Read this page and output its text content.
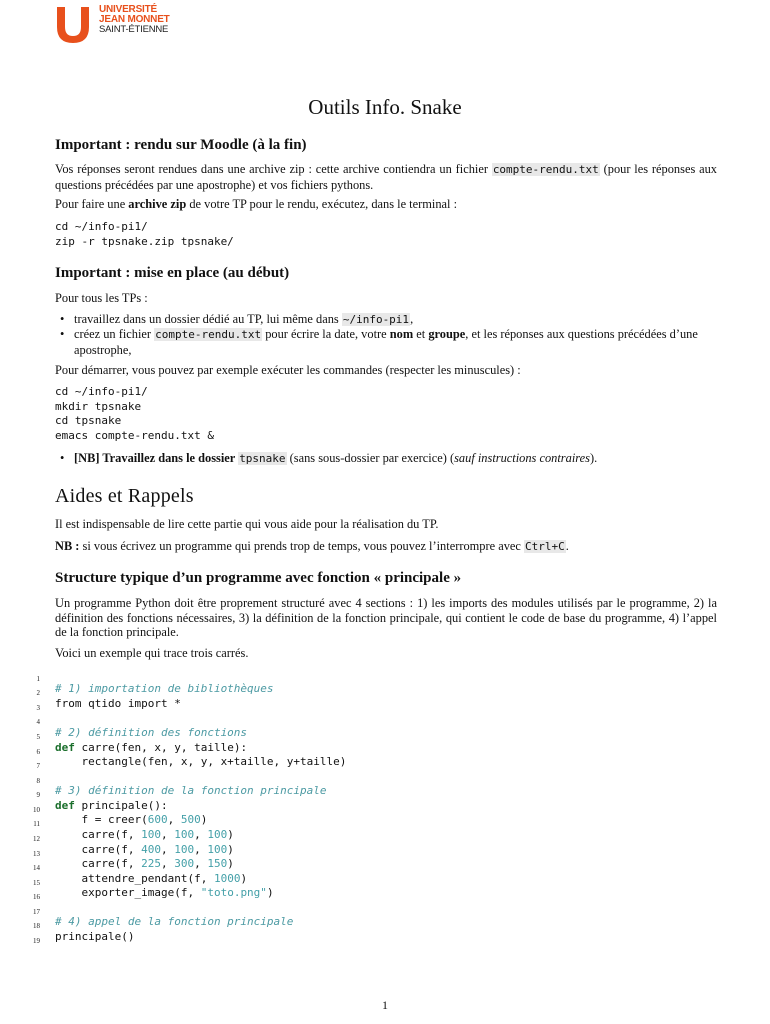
UNIVERSITÉ
JEAN MONNET
SAINT-ÉTIENNE
Outils Info. Snake
Important : rendu sur Moodle (à la fin)
Vos réponses seront rendues dans une archive zip : cette archive contiendra un fichier compte-rendu.txt (pour les réponses aux questions précédées par une apostrophe) et vos fichiers pythons.
Pour faire une archive zip de votre TP pour le rendu, exécutez, dans le terminal :
cd ~/info-pi1/
zip -r tpsnake.zip tpsnake/
Important : mise en place (au début)
Pour tous les TPs :
• travaillez dans un dossier dédié au TP, lui même dans ~/info-pi1,
• créez un fichier compte-rendu.txt pour écrire la date, votre nom et groupe, et les réponses aux questions précédées d’une apostrophe,
Pour démarrer, vous pouvez par exemple exécuter les commandes (respecter les minuscules) :
cd ~/info-pi1/
mkdir tpsnake
cd tpsnake
emacs compte-rendu.txt &
• [NB] Travaillez dans le dossier tpsnake (sans sous-dossier par exercice) (sauf instructions contraires).
Aides et Rappels
Il est indispensable de lire cette partie qui vous aide pour la réalisation du TP.
NB : si vous écrivez un programme qui prends trop de temps, vous pouvez l’interrompre avec Ctrl+C.
Structure typique d’un programme avec fonction « principale »
Un programme Python doit être proprement structuré avec 4 sections : 1) les imports des modules utilisés par le programme, 2) la définition des fonctions nécessaires, 3) la définition de la fonction principale, qui contient le code de base du programme, 4) l’appel de la fonction principale.
Voici un exemple qui trace trois carrés.
1
2
3
4
5
6
7
8
9
10
11
12
13
14
15
16
17
18
19
# 1) importation de bibliothèques
from qtido import *
# 2) définition des fonctions
def carre(fen, x, y, taille):
rectangle(fen, x, y, x+taille, y+taille)
# 3) définition de la fonction principale
def principale():
f = creer(600, 500)
carre(f, 100, 100, 100)
carre(f, 400, 100, 100)
carre(f, 225, 300, 150)
attendre_pendant(f, 1000)
exporter_image(f, "toto.png")
# 4) appel de la fonction principale
principale()
1
